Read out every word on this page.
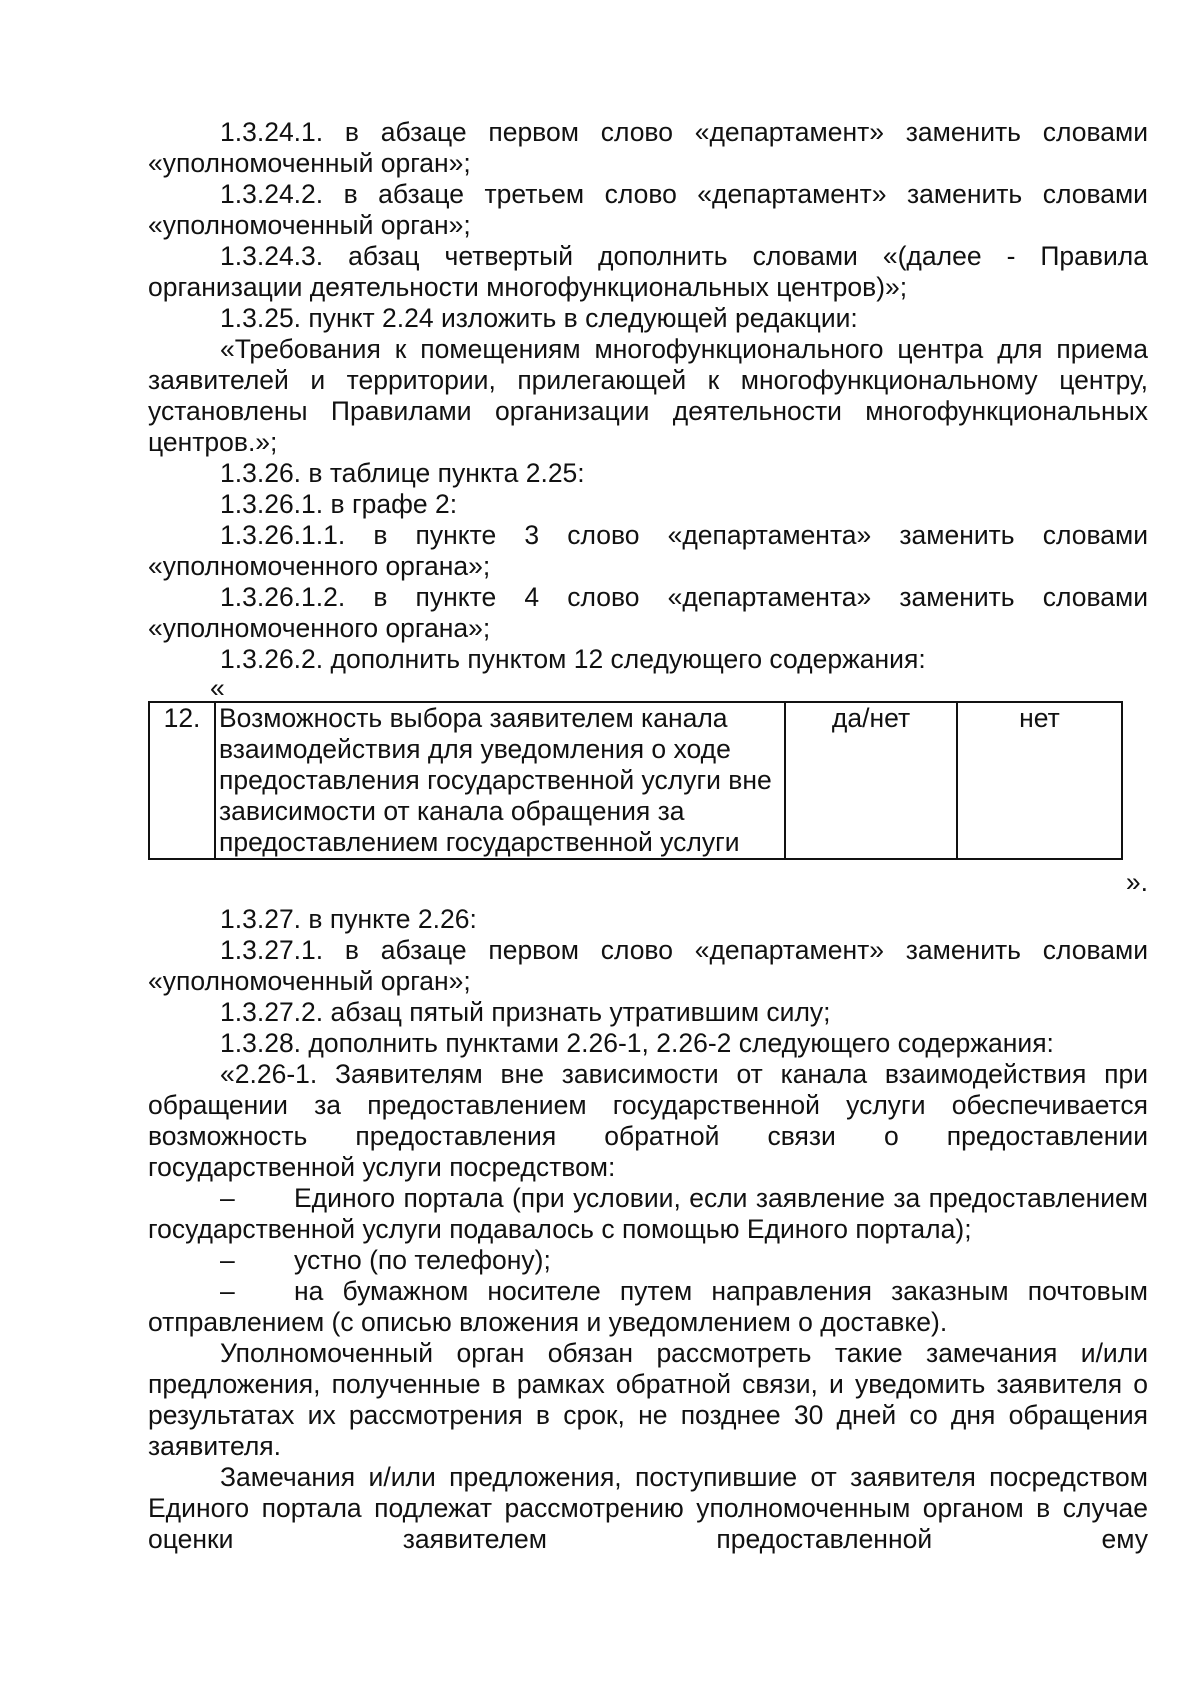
1.3.24.1. в абзаце первом слово «департамент» заменить словами «уполномоченный орган»;

1.3.24.2. в абзаце третьем слово «департамент» заменить словами «уполномоченный орган»;

1.3.24.3. абзац четвертый дополнить словами «(далее - Правила организации деятельности многофункциональных центров)»;

1.3.25. пункт 2.24 изложить в следующей редакции:

«Требования к помещениям многофункционального центра для приема заявителей и территории, прилегающей к многофункциональному центру, установлены Правилами организации деятельности многофункциональных центров.»;

1.3.26. в таблице пункта 2.25:

1.3.26.1. в графе 2:

1.3.26.1.1. в пункте 3 слово «департамента» заменить словами «уполномоченного органа»;

1.3.26.1.2. в пункте 4 слово «департамента» заменить словами «уполномоченного органа»;

1.3.26.2. дополнить пунктом 12 следующего содержания:

«

12.	Возможность выбора заявителем канала взаимодействия для уведомления о ходе предоставления государственной услуги вне зависимости от канала обращения за предоставлением государственной услуги	да/нет	нет

».

1.3.27. в пункте 2.26:

1.3.27.1. в абзаце первом слово «департамент» заменить словами «уполномоченный орган»;

1.3.27.2. абзац пятый признать утратившим силу;

1.3.28. дополнить пунктами 2.26-1, 2.26-2 следующего содержания:

«2.26-1. Заявителям вне зависимости от канала взаимодействия при обращении за предоставлением государственной услуги обеспечивается возможность предоставления обратной связи о предоставлении государственной услуги посредством:

– Единого портала (при условии, если заявление за предоставлением государственной услуги подавалось с помощью Единого портала);

– устно (по телефону);

– на бумажном носителе путем направления заказным почтовым отправлением (с описью вложения и уведомлением о доставке).

Уполномоченный орган обязан рассмотреть такие замечания и/или предложения, полученные в рамках обратной связи, и уведомить заявителя о результатах их рассмотрения в срок, не позднее 30 дней со дня обращения заявителя.

Замечания и/или предложения, поступившие от заявителя посредством Единого портала подлежат рассмотрению уполномоченным органом в случае оценки заявителем предоставленной ему
